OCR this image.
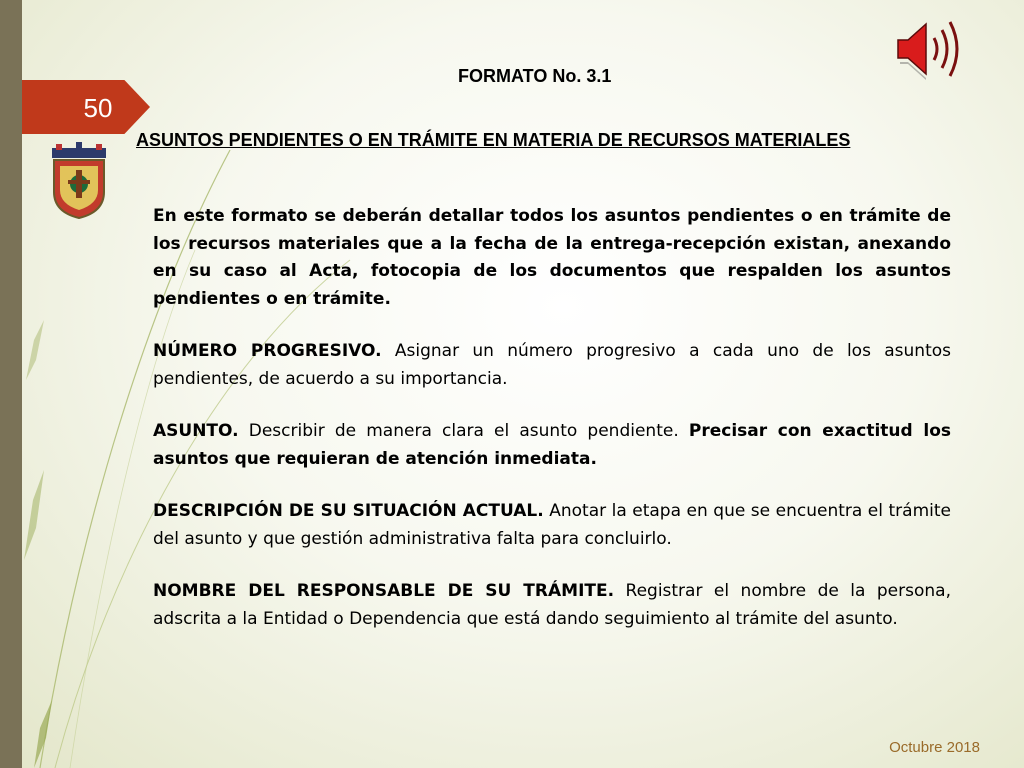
50
FORMATO No. 3.1
ASUNTOS PENDIENTES O EN TRÁMITE EN MATERIA DE RECURSOS MATERIALES

En este formato se deberán detallar todos los asuntos pendientes o en trámite de los recursos materiales que a la fecha de la entrega-recepción existan, anexando en su caso al Acta, fotocopia de los documentos que respalden los asuntos pendientes o en trámite.

NÚMERO PROGRESIVO. Asignar un número progresivo a cada uno de los asuntos pendientes, de acuerdo a su importancia.

ASUNTO. Describir de manera clara el asunto pendiente. Precisar con exactitud los asuntos que requieran de atención inmediata.

DESCRIPCIÓN DE SU SITUACIÓN ACTUAL. Anotar la etapa en que se encuentra el trámite del asunto y que gestión administrativa falta para concluirlo.

NOMBRE DEL RESPONSABLE DE SU TRÁMITE. Registrar el nombre de la persona, adscrita a la Entidad o Dependencia que está dando seguimiento al trámite del asunto.

Octubre 2018
